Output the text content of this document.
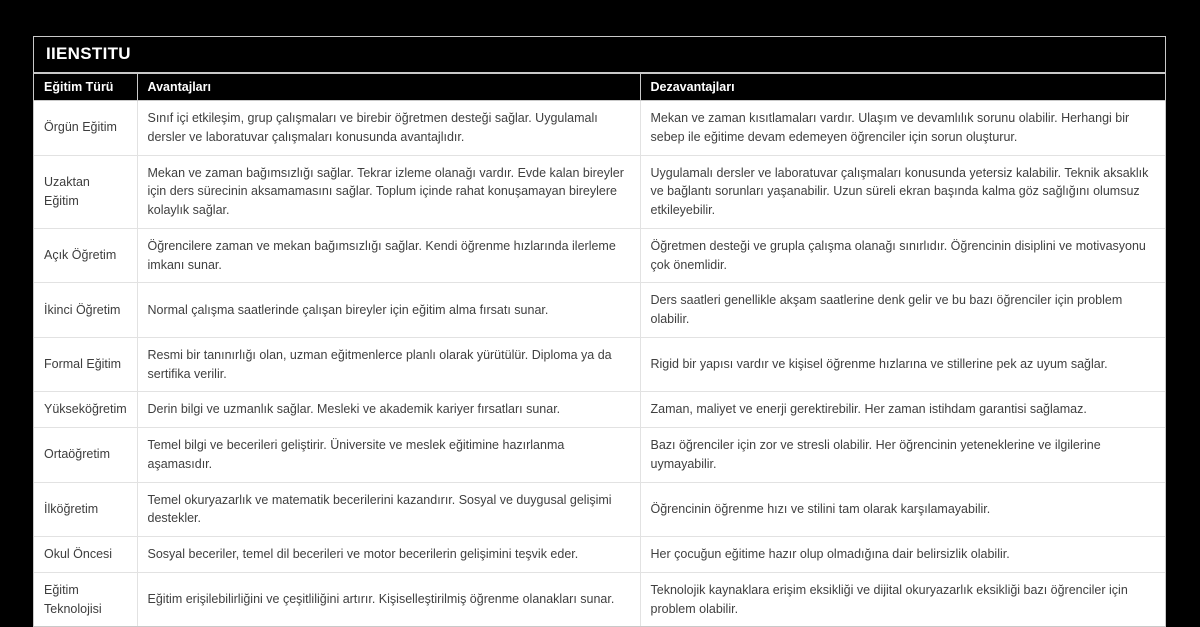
IIENSTITU
Eğitim Türü	Avantajları	Dezavantajları
Örgün Eğitim	Sınıf içi etkileşim, grup çalışmaları ve birebir öğretmen desteği sağlar. Uygulamalı dersler ve laboratuvar çalışmaları konusunda avantajlıdır.	Mekan ve zaman kısıtlamaları vardır. Ulaşım ve devamlılık sorunu olabilir. Herhangi bir sebep ile eğitime devam edemeyen öğrenciler için sorun oluşturur.
Uzaktan Eğitim	Mekan ve zaman bağımsızlığı sağlar. Tekrar izleme olanağı vardır. Evde kalan bireyler için ders sürecinin aksamamasını sağlar. Toplum içinde rahat konuşamayan bireylere kolaylık sağlar.	Uygulamalı dersler ve laboratuvar çalışmaları konusunda yetersiz kalabilir. Teknik aksaklık ve bağlantı sorunları yaşanabilir. Uzun süreli ekran başında kalma göz sağlığını olumsuz etkileyebilir.
Açık Öğretim	Öğrencilere zaman ve mekan bağımsızlığı sağlar. Kendi öğrenme hızlarında ilerleme imkanı sunar.	Öğretmen desteği ve grupla çalışma olanağı sınırlıdır. Öğrencinin disiplini ve motivasyonu çok önemlidir.
İkinci Öğretim	Normal çalışma saatlerinde çalışan bireyler için eğitim alma fırsatı sunar.	Ders saatleri genellikle akşam saatlerine denk gelir ve bu bazı öğrenciler için problem olabilir.
Formal Eğitim	Resmi bir tanınırlığı olan, uzman eğitmenlerce planlı olarak yürütülür. Diploma ya da sertifika verilir.	Rigid bir yapısı vardır ve kişisel öğrenme hızlarına ve stillerine pek az uyum sağlar.
Yükseköğretim	Derin bilgi ve uzmanlık sağlar. Mesleki ve akademik kariyer fırsatları sunar.	Zaman, maliyet ve enerji gerektirebilir. Her zaman istihdam garantisi sağlamaz.
Ortaöğretim	Temel bilgi ve becerileri geliştirir. Üniversite ve meslek eğitimine hazırlanma aşamasıdır.	Bazı öğrenciler için zor ve stresli olabilir. Her öğrencinin yeteneklerine ve ilgilerine uymayabilir.
İlköğretim	Temel okuryazarlık ve matematik becerilerini kazandırır. Sosyal ve duygusal gelişimi destekler.	Öğrencinin öğrenme hızı ve stilini tam olarak karşılamayabilir.
Okul Öncesi	Sosyal beceriler, temel dil becerileri ve motor becerilerin gelişimini teşvik eder.	Her çocuğun eğitime hazır olup olmadığına dair belirsizlik olabilir.
Eğitim Teknolojisi	Eğitim erişilebilirliğini ve çeşitliliğini artırır. Kişiselleştirilmiş öğrenme olanakları sunar.	Teknolojik kaynaklara erişim eksikliği ve dijital okuryazarlık eksikliği bazı öğrenciler için problem olabilir.
